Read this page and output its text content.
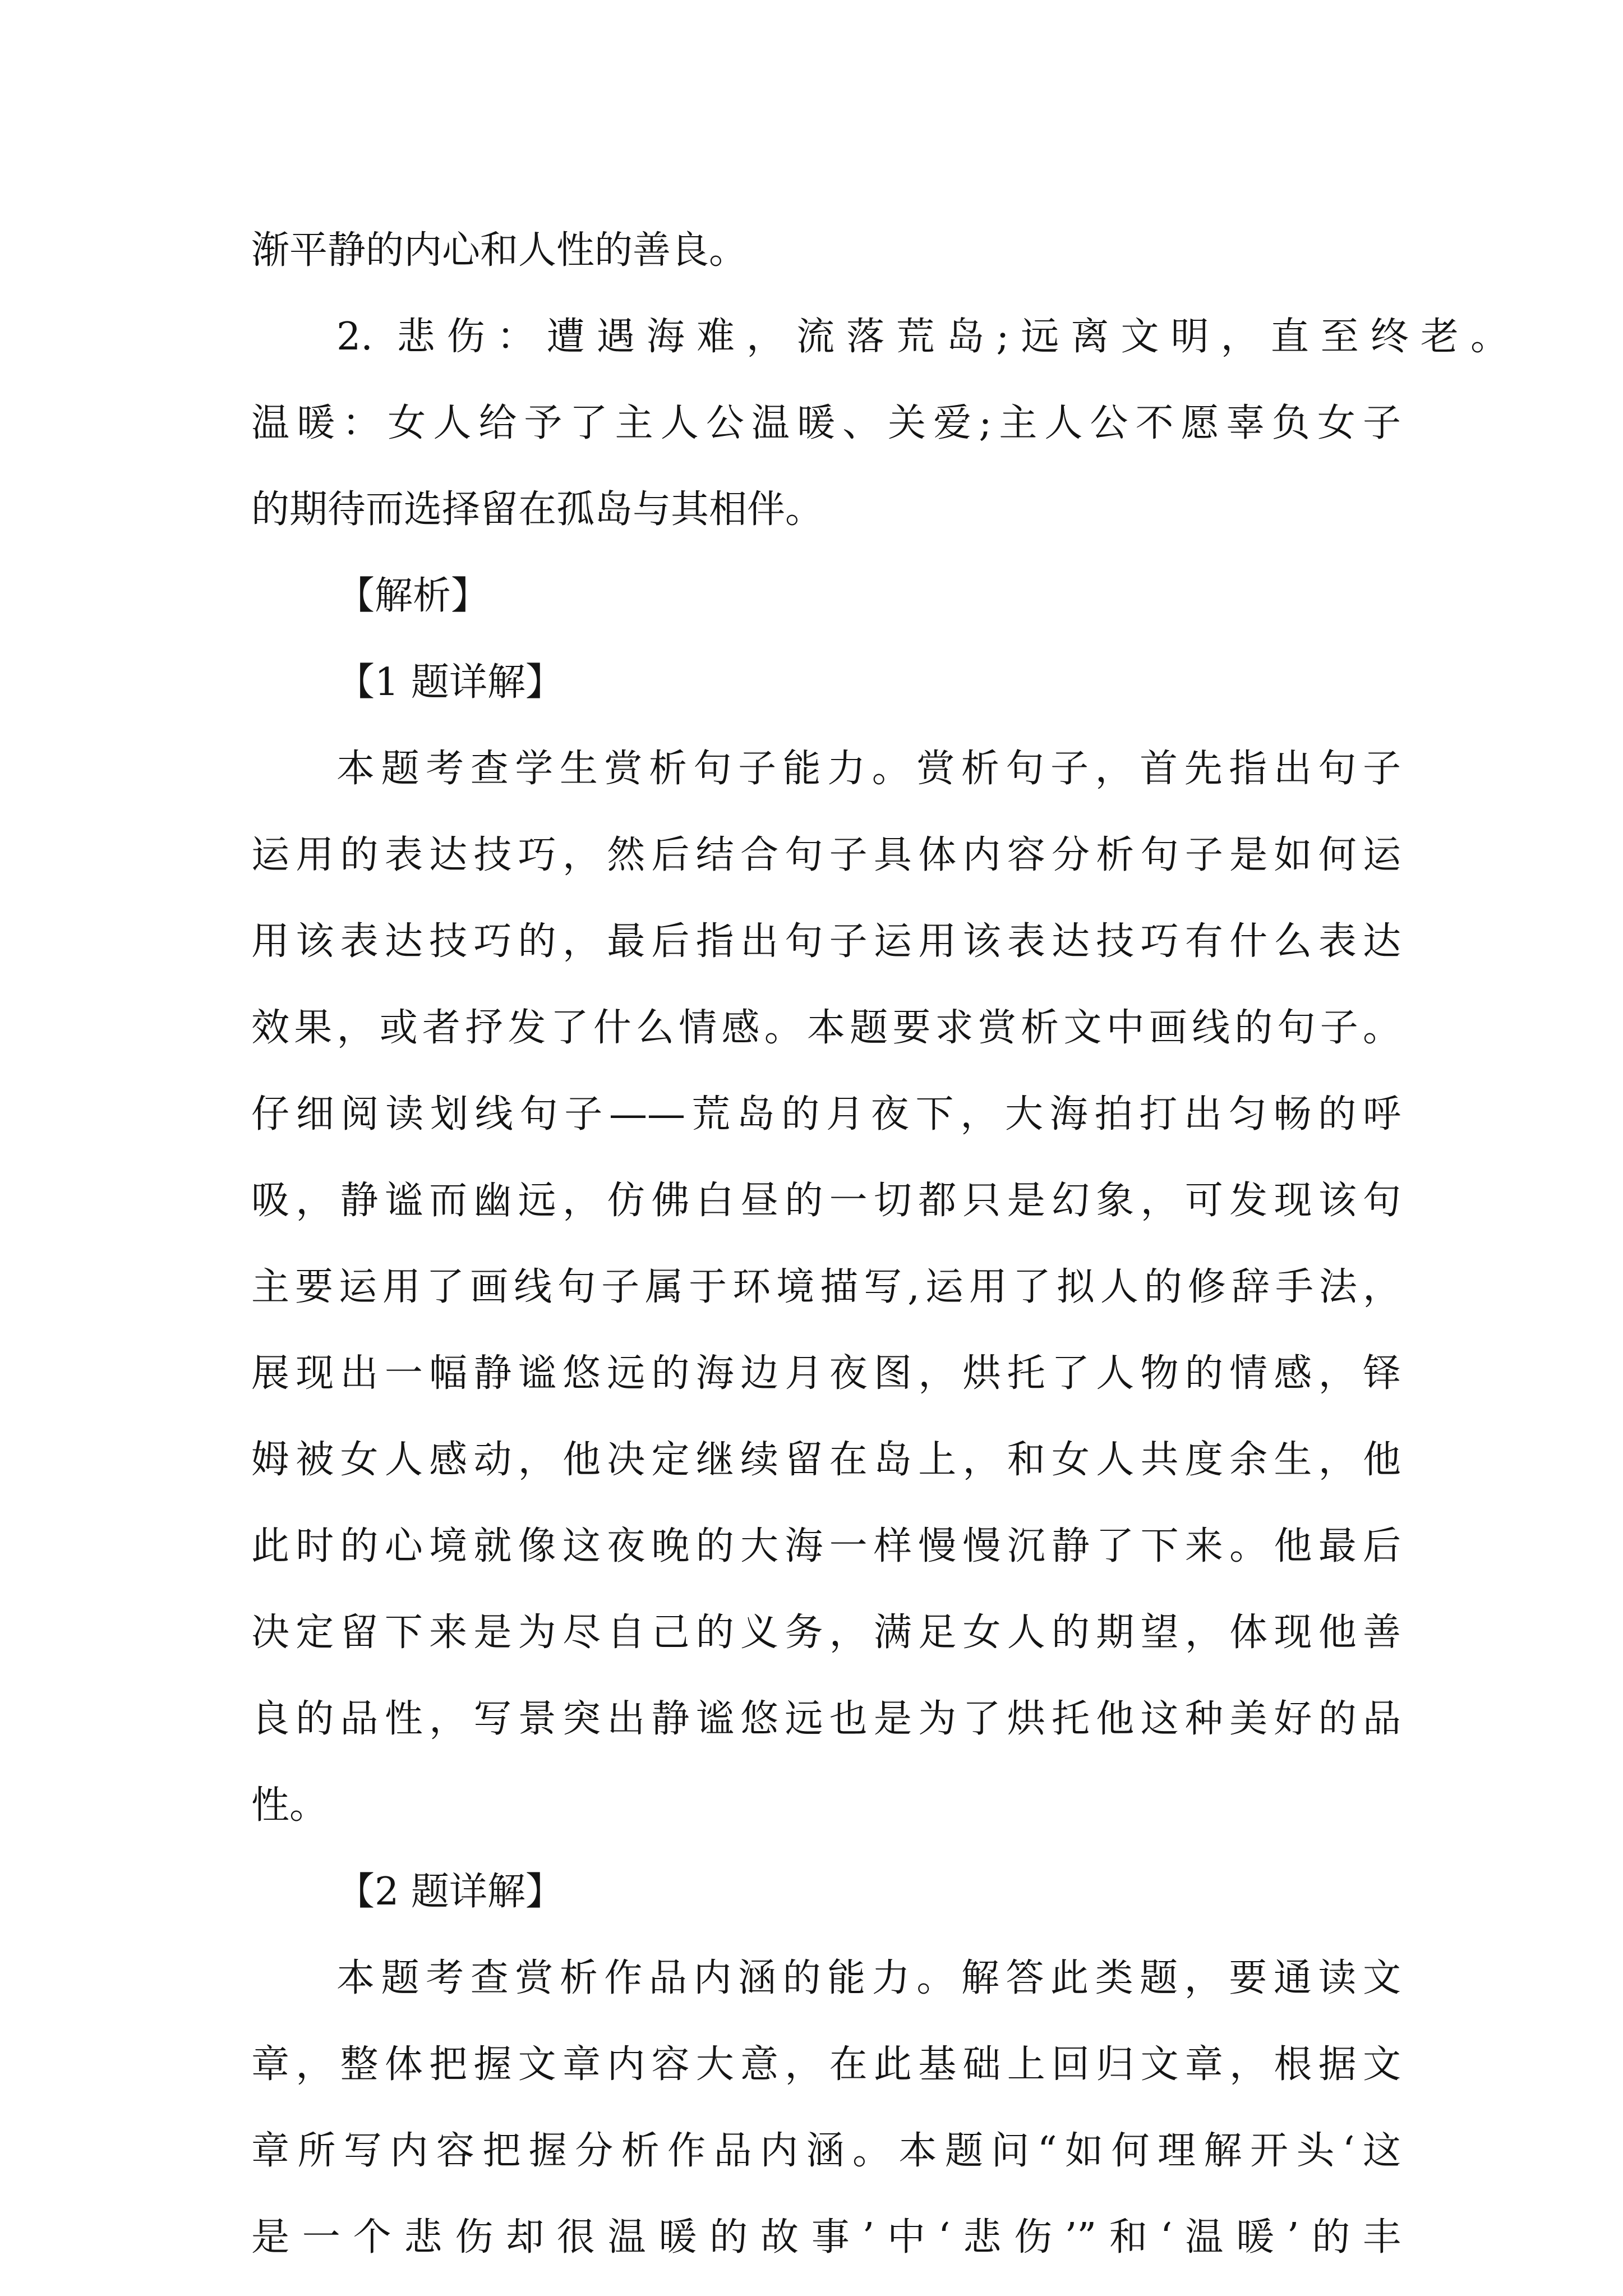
渐平静的内心和人性的善良。
2. 悲伤：遭遇海难，流落荒岛;远离文明，直至终老。
温暖：女人给予了主人公温暖、关爱;主人公不愿辜负女子
的期待而选择留在孤岛与其相伴。
【解析】
【1 题详解】
本题考查学生赏析句子能力。赏析句子，首先指出句子
运用的表达技巧，然后结合句子具体内容分析句子是如何运
用该表达技巧的，最后指出句子运用该表达技巧有什么表达
效果，或者抒发了什么情感。本题要求赏析文中画线的句子。
仔细阅读划线句子——荒岛的月夜下，大海拍打出匀畅的呼
吸，静谧而幽远，仿佛白昼的一切都只是幻象，可发现该句
主要运用了画线句子属于环境描写,运用了拟人的修辞手法，
展现出一幅静谧悠远的海边月夜图，烘托了人物的情感，铎
姆被女人感动，他决定继续留在岛上，和女人共度余生，他
此时的心境就像这夜晚的大海一样慢慢沉静了下来。他最后
决定留下来是为尽自己的义务，满足女人的期望，体现他善
良的品性，写景突出静谧悠远也是为了烘托他这种美好的品
性。
【2 题详解】
本题考查赏析作品内涵的能力。解答此类题，要通读文
章，整体把握文章内容大意，在此基础上回归文章，根据文
章所写内容把握分析作品内涵。本题问“如何理解开头‘这
是一个悲伤却很温暖的故事’中‘悲伤’”和‘温暖’的丰
